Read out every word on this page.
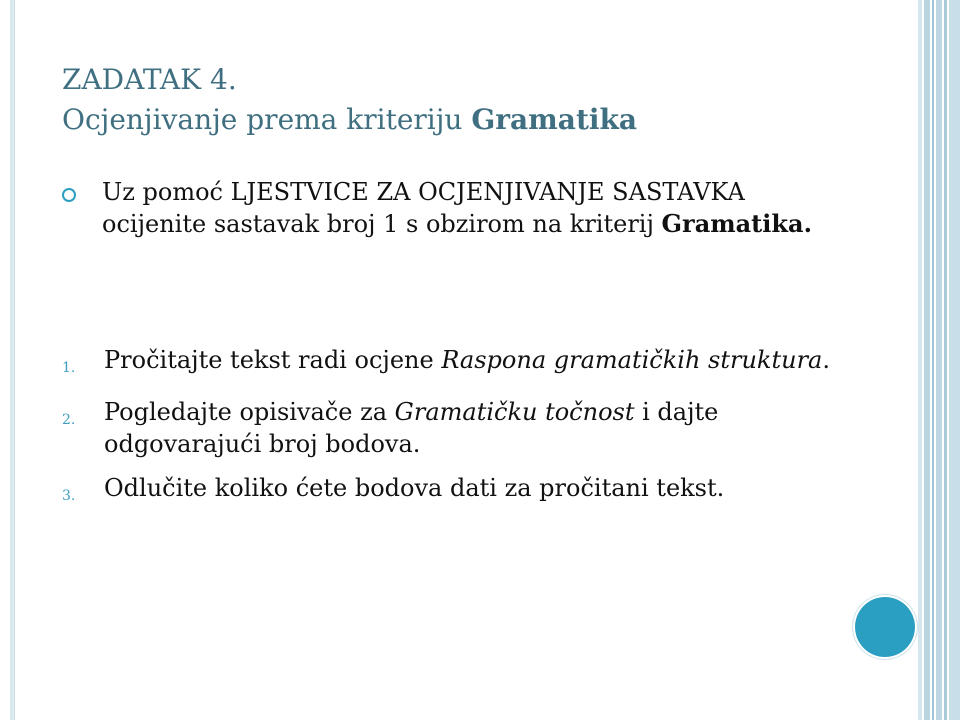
ZADATAK 4.
Ocjenjivanje prema kriteriju Gramatika
Uz pomoć LJESTVICE ZA OCJENJIVANJE SASTAVKA ocijenite sastavak broj 1 s obzirom na kriterij Gramatika.
1.	Pročitajte tekst radi ocjene Raspona gramatičkih struktura.
2.	Pogledajte opisivače za Gramatičku točnost i dajte odgovarajući broj bodova.
3.	Odlučite koliko ćete bodova dati za pročitani tekst.
